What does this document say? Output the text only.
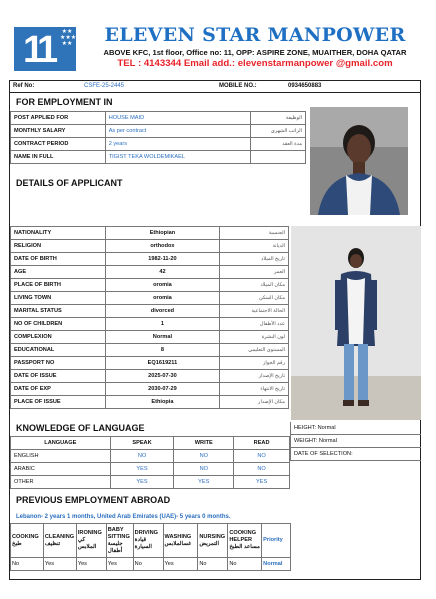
11 ★★
★★★
★★	ELEVEN STAR MANPOWER
ABOVE KFC, 1st floor, Office no: 11, OPP: ASPIRE ZONE, MUAITHER, DOHA QATAR
TEL : 4143344 Email add.: elevenstarmanpower @gmail.com
Ref No:	CSFE-25-2445	MOBILE NO.:	0934650883
FOR EMPLOYMENT IN
POST APPLIED FOR	HOUSE MAID	الوظيفة
MONTHLY SALARY	As per contract	الراتب الشهري
CONTRACT PERIOD	2 years	مدة العقد
NAME IN FULL	TIGIST TEKA WOLDEMIKAEL	
DETAILS OF APPLICANT
NATIONALITY	Ethiopian	الجنسية
RELIGION	orthodox	الديانة
DATE OF BIRTH	1982-11-20	تاريخ الميلاد
AGE	42	العمر
PLACE OF BIRTH	oromia	مكان الميلاد
LIVING TOWN	oromia	مكان السكن
MARITAL STATUS	divorced	الحالة الاجتماعية
NO OF CHILDREN	1	عدد الأطفال
COMPLEXION	Normal	لون البشرة
EDUCATIONAL	8	المستوى التعليمي
PASSPORT NO	EQ1619211	رقم الجواز
DATE OF ISSUE	2025-07-30	تاريخ الإصدار
DATE OF EXP	2030-07-29	تاريخ الانتهاء
PLACE OF ISSUE	Ethiopia	مكان الإصدار
KNOWLEDGE OF LANGUAGE
LANGUAGE	SPEAK	WRITE	READ
ENGLISH	NO	NO	NO
ARABIC	YES	NO	NO
OTHER	YES	YES	YES
HEIGHT: Normal
WEIGHT: Normal
DATE OF SELECTION:
PREVIOUS EMPLOYMENT ABROAD
Lebanon- 2 years 1 months, United Arab Emirates (UAE)- 5 years 0 months.
COOKING طبخ	CLEANING تنظيف	IRONING كي الملابس	BABY SITTING جليسة أطفال	DRIVING قيادة السيارة	WASHING غسالملابس	NURSING التمريض	COOKING HELPER مساعد الطبخ	Priority
No	Yes	Yes	Yes	No	Yes	No	No	Normal
